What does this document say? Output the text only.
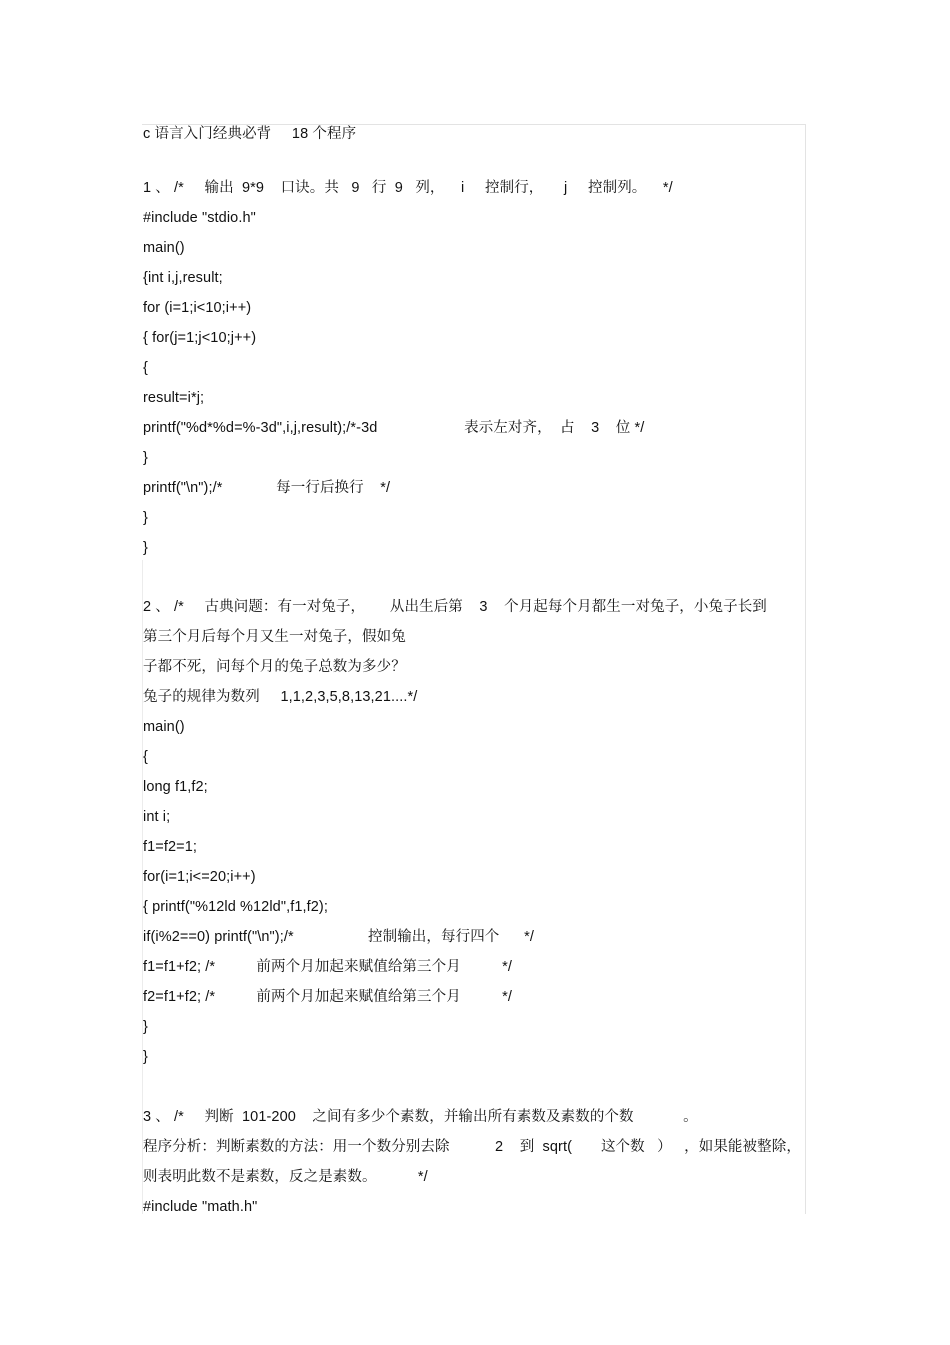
c 语言入门经典必背     18 个程序
1 、 /*     输出  9*9    口诀。共   9   行  9   列，    i     控制行，     j     控制列。    */
#include "stdio.h"
main()
{int i,j,result;
for (i=1;i<10;i++)
{ for(j=1;j<10;j++)
{
result=i*j;
printf("%d*%d=%-3d",i,j,result);/*-3d                     表示左对齐，  占    3    位 */
}
printf("\n");/*             每一行后换行    */
}
}
2 、 /*     古典问题：有一对兔子，      从出生后第    3    个月起每个月都生一对兔子，小兔子长到
第三个月后每个月又生一对兔子，假如兔
子都不死，问每个月的兔子总数为多少？
兔子的规律为数列     1,1,2,3,5,8,13,21....*/
main()
{
long f1,f2;
int i;
f1=f2=1;
for(i=1;i<=20;i++)
{ printf("%12ld %12ld",f1,f2);
if(i%2==0) printf("\n");/*                  控制输出，每行四个      */
f1=f1+f2; /*          前两个月加起来赋值给第三个月          */
f2=f1+f2; /*          前两个月加起来赋值给第三个月          */
}
}
3 、 /*     判断  101-200    之间有多少个素数，并输出所有素数及素数的个数            。
程序分析：判断素数的方法：用一个数分别去除           2    到  sqrt(       这个数   ）   ，如果能被整除，
则表明此数不是素数，反之是素数。          */
#include "math.h"
